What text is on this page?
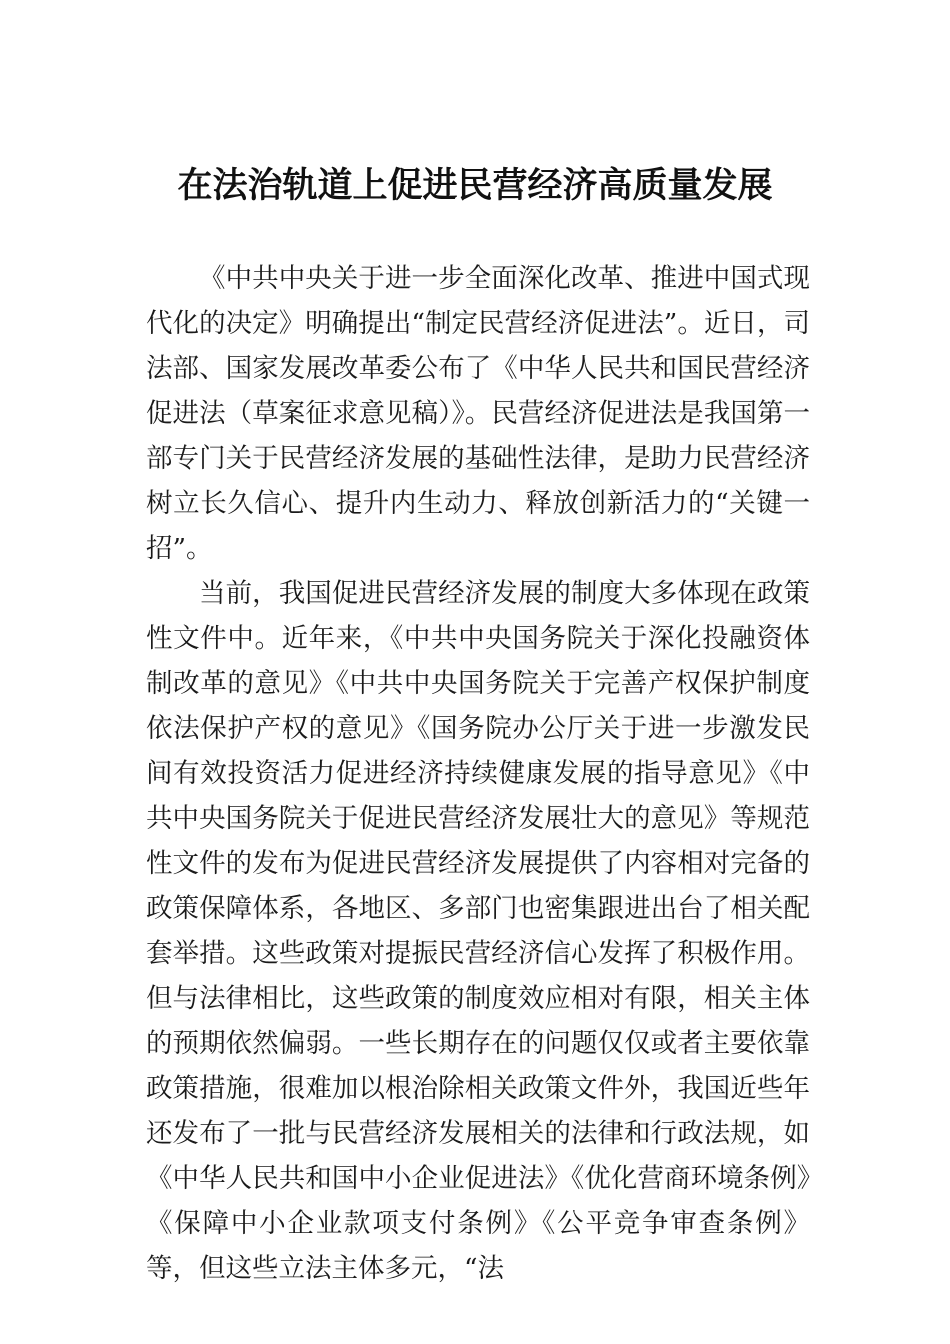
在法治轨道上促进民营经济高质量发展

《中共中央关于进一步全面深化改革、推进中国式现代化的决定》明确提出“制定民营经济促进法”。近日，司法部、国家发展改革委公布了《中华人民共和国民营经济促进法（草案征求意见稿）》。民营经济促进法是我国第一部专门关于民营经济发展的基础性法律，是助力民营经济树立长久信心、提升内生动力、释放创新活力的“关键一招”。

当前，我国促进民营经济发展的制度大多体现在政策性文件中。近年来，《中共中央国务院关于深化投融资体制改革的意见》《中共中央国务院关于完善产权保护制度依法保护产权的意见》《国务院办公厅关于进一步激发民间有效投资活力促进经济持续健康发展的指导意见》《中共中央国务院关于促进民营经济发展壮大的意见》等规范性文件的发布为促进民营经济发展提供了内容相对完备的政策保障体系，各地区、多部门也密集跟进出台了相关配套举措。这些政策对提振民营经济信心发挥了积极作用。但与法律相比，这些政策的制度效应相对有限，相关主体的预期依然偏弱。一些长期存在的问题仅仅或者主要依靠政策措施，很难加以根治除相关政策文件外，我国近些年还发布了一批与民营经济发展相关的法律和行政法规，如《中华人民共和国中小企业促进法》《优化营商环境条例》《保障中小企业款项支付条例》《公平竞争审查条例》等，但这些立法主体多元，“法
